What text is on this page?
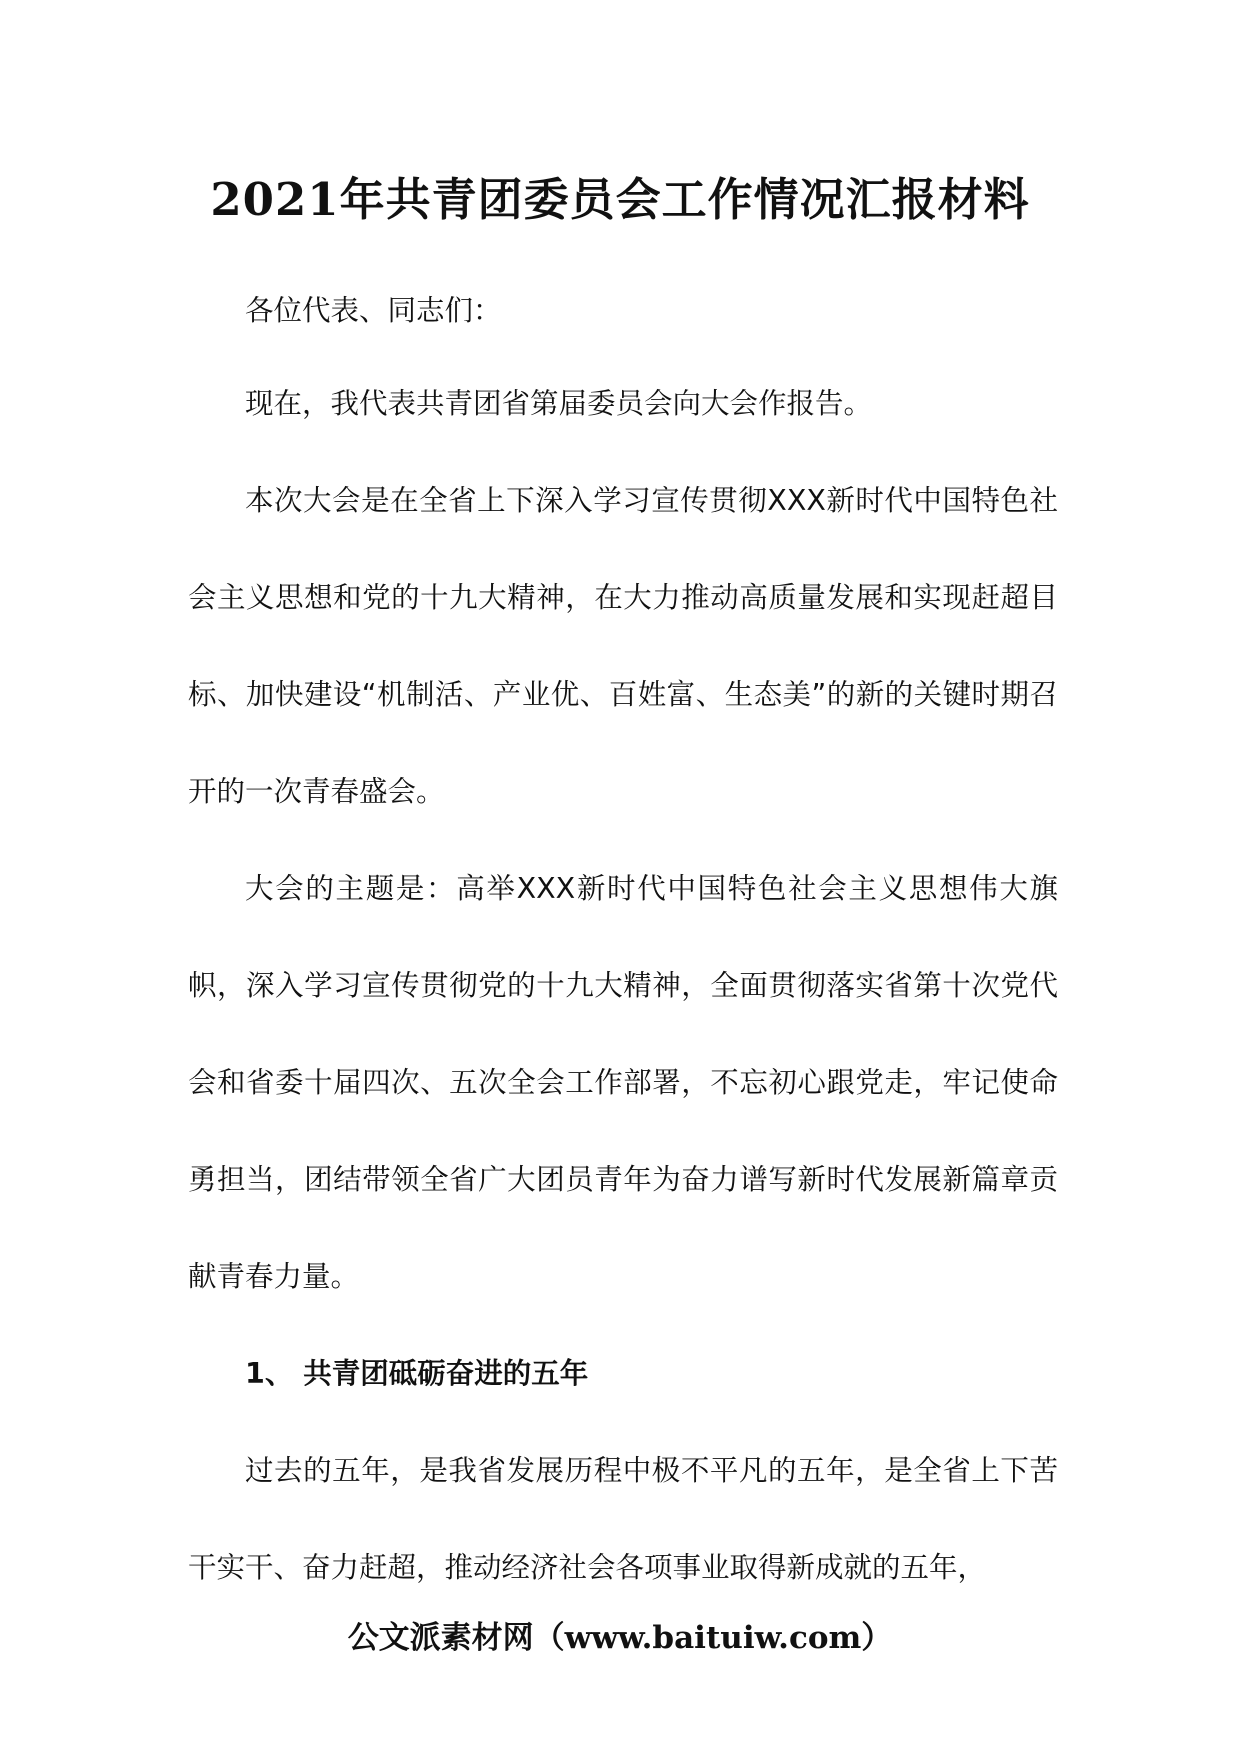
2021年共青团委员会工作情况汇报材料

各位代表、同志们：

现在，我代表共青团省第届委员会向大会作报告。

本次大会是在全省上下深入学习宣传贯彻XXX新时代中国特色社会主义思想和党的十九大精神，在大力推动高质量发展和实现赶超目标、加快建设“机制活、产业优、百姓富、生态美”的新的关键时期召开的一次青春盛会。

大会的主题是：高举XXX新时代中国特色社会主义思想伟大旗帜，深入学习宣传贯彻党的十九大精神，全面贯彻落实省第十次党代会和省委十届四次、五次全会工作部署，不忘初心跟党走，牢记使命勇担当，团结带领全省广大团员青年为奋力谱写新时代发展新篇章贡献青春力量。

1、 共青团砥砺奋进的五年

过去的五年，是我省发展历程中极不平凡的五年，是全省上下苦干实干、奋力赶超，推动经济社会各项事业取得新成就的五年，

公文派素材网（www.baituiw.com）
